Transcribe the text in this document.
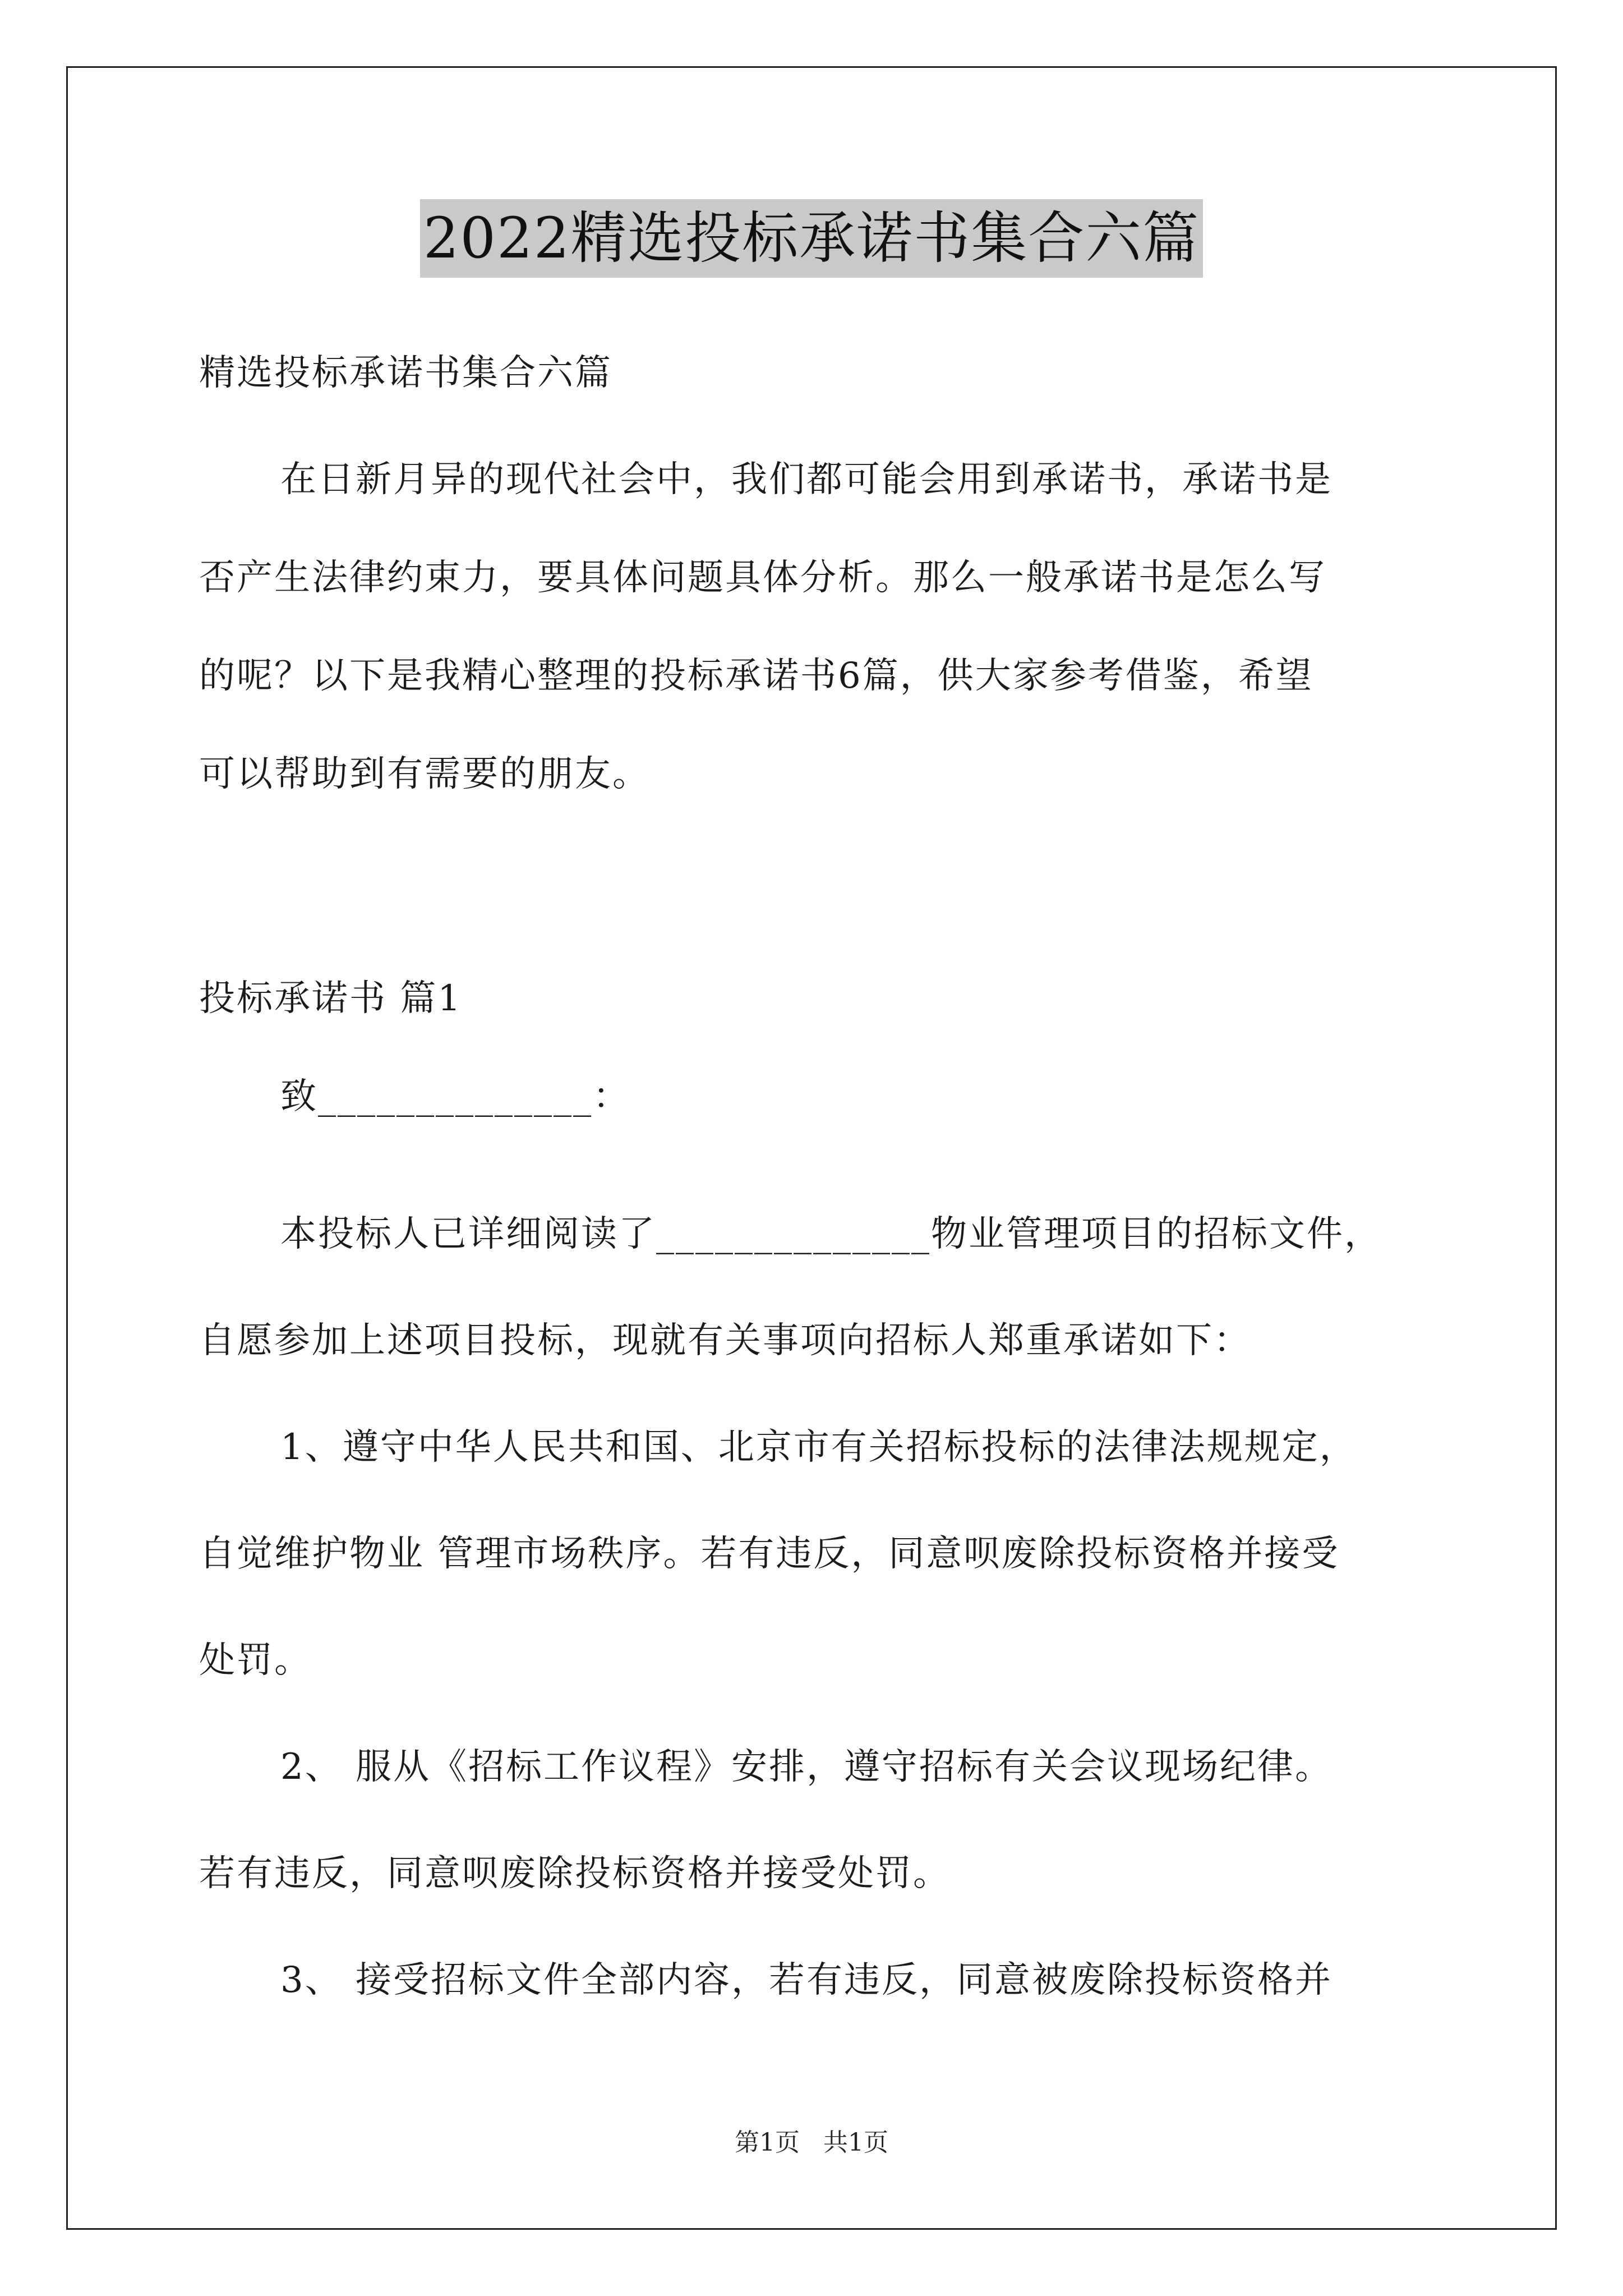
2022精选投标承诺书集合六篇
精选投标承诺书集合六篇
在日新月异的现代社会中，我们都可能会用到承诺书，承诺书是
否产生法律约束力，要具体问题具体分析。那么一般承诺书是怎么写
的呢？以下是我精心整理的投标承诺书6篇，供大家参考借鉴，希望
可以帮助到有需要的朋友。
投标承诺书 篇1
致______________：
本投标人已详细阅读了______________物业管理项目的招标文件，
自愿参加上述项目投标，现就有关事项向招标人郑重承诺如下：
1、遵守中华人民共和国、北京市有关招标投标的法律法规规定，
自觉维护物业 管理市场秩序。若有违反，同意呗废除投标资格并接受
处罚。
2、 服从《招标工作议程》安排，遵守招标有关会议现场纪律。
若有违反，同意呗废除投标资格并接受处罚。
3、 接受招标文件全部内容，若有违反，同意被废除投标资格并
第1页   共1页
